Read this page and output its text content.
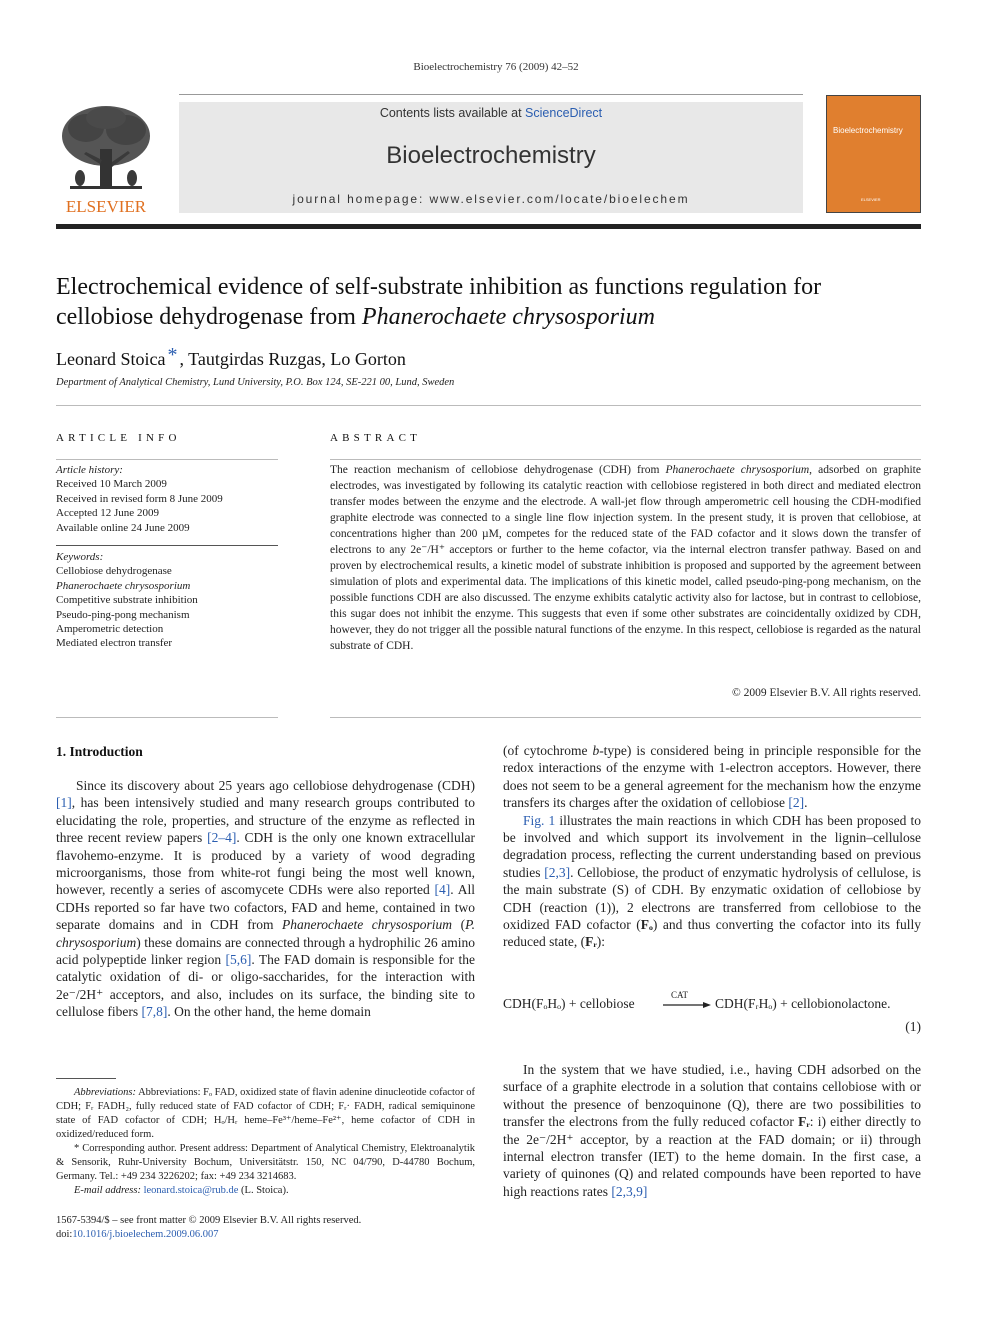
Bioelectrochemistry 76 (2009) 42–52
ELSEVIER
Contents lists available at ScienceDirect
Bioelectrochemistry
journal homepage: www.elsevier.com/locate/bioelechem
Bioelectrochemistry
ELSEVIER
Electrochemical evidence of self-substrate inhibition as functions regulation for
cellobiose dehydrogenase from Phanerochaete chrysosporium
Leonard Stoica * , Tautgirdas Ruzgas, Lo Gorton
Department of Analytical Chemistry, Lund University, P.O. Box 124, SE-221 00, Lund, Sweden
ARTICLE INFO
Article history:
Received 10 March 2009
Received in revised form 8 June 2009
Accepted 12 June 2009
Available online 24 June 2009
Keywords:
Cellobiose dehydrogenase
Phanerochaete chrysosporium
Competitive substrate inhibition
Pseudo-ping-pong mechanism
Amperometric detection
Mediated electron transfer
ABSTRACT
The reaction mechanism of cellobiose dehydrogenase (CDH) from Phanerochaete chrysosporium, adsorbed on graphite electrodes, was investigated by following its catalytic reaction with cellobiose registered in both direct and mediated electron transfer modes between the enzyme and the electrode. A wall-jet flow through amperometric cell housing the CDH-modified graphite electrode was connected to a single line flow injection system. In the present study, it is proven that cellobiose, at concentrations higher than 200 µM, competes for the reduced state of the FAD cofactor and it slows down the transfer of electrons to any 2e⁻/H⁺ acceptors or further to the heme cofactor, via the internal electron transfer pathway. Based on and proven by electrochemical results, a kinetic model of substrate inhibition is proposed and supported by the agreement between simulation of plots and experimental data. The implications of this kinetic model, called pseudo-ping-pong mechanism, on the possible functions CDH are also discussed. The enzyme exhibits catalytic activity also for lactose, but in contrast to cellobiose, this sugar does not inhibit the enzyme. This suggests that even if some other substrates are coincidentally oxidized by CDH, however, they do not trigger all the possible natural functions of the enzyme. In this respect, cellobiose is regarded as the natural substrate of CDH.
© 2009 Elsevier B.V. All rights reserved.
1. Introduction

Since its discovery about 25 years ago cellobiose dehydrogenase (CDH) [1], has been intensively studied and many research groups contributed to elucidating the role, properties, and structure of the enzyme as reflected in three recent review papers [2–4]. CDH is the only one known extracellular flavohemo-enzyme. It is produced by a variety of wood degrading microorganisms, those from white-rot fungi being the most well known, however, recently a series of ascomycete CDHs were also reported [4]. All CDHs reported so far have two cofactors, FAD and heme, contained in two separate domains and in CDH from Phanerochaete chrysosporium (P. chrysosporium) these domains are connected through a hydrophilic 26 amino acid polypeptide linker region [5,6]. The FAD domain is responsible for the catalytic oxidation of di- or oligo-saccharides, for the interaction with 2e⁻/2H⁺ acceptors, and also, includes on its surface, the binding site to cellulose fibers [7,8]. On the other hand, the heme domain

(of cytochrome b-type) is considered being in principle responsible for the redox interactions of the enzyme with 1-electron acceptors. However, there does not seem to be a general agreement for the mechanism how the enzyme transfers its charges after the oxidation of cellobiose [2].

Fig. 1 illustrates the main reactions in which CDH has been proposed to be involved and which support its involvement in the lignin–cellulose degradation process, reflecting the current understanding based on previous studies [2,3]. Cellobiose, the product of enzymatic hydrolysis of cellulose, is the main substrate (S) of CDH. By enzymatic oxidation of cellobiose by CDH (reaction (1)), 2 electrons are transferred from cellobiose to the oxidized FAD cofactor (Fₒ) and thus converting the cofactor into its fully reduced state, (Fᵣ):

CDH(FₒHₒ) + cellobiose
CAT
→ CDH(FᵣHₒ) + cellobionolactone.
(1)

In the system that we have studied, i.e., having CDH adsorbed on the surface of a graphite electrode in a solution that contains cellobiose with or without the presence of benzoquinone (Q), there are two possibilities to transfer the electrons from the fully reduced cofactor Fᵣ: i) either directly to the 2e⁻/2H⁺ acceptor, by a reaction at the FAD domain; or ii) through internal electron transfer (IET) to the heme domain. In the first case, a variety of quinones (Q) and related compounds have been reported to have high reactions rates [2,3,9]

Abbreviations: Abbreviations: Fₒ FAD, oxidized state of flavin adenine dinucleotide cofactor of CDH; Fᵣ FADH₂, fully reduced state of FAD cofactor of CDH; Fᵣ· FADH, radical semiquinone state of FAD cofactor of CDH; Hₒ/Hᵣ heme–Fe³⁺/heme–Fe²⁺, heme cofactor of CDH in oxidized/reduced form.

* Corresponding author. Present address: Department of Analytical Chemistry, Elektroanalytik & Sensorik, Ruhr-University Bochum, Universitätstr. 150, NC 04/790, D-44780 Bochum, Germany. Tel.: +49 234 3226202; fax: +49 234 3214683.

E-mail address: leonard.stoica@rub.de (L. Stoica).

1567-5394/$ – see front matter © 2009 Elsevier B.V. All rights reserved.
doi:10.1016/j.bioelechem.2009.06.007
